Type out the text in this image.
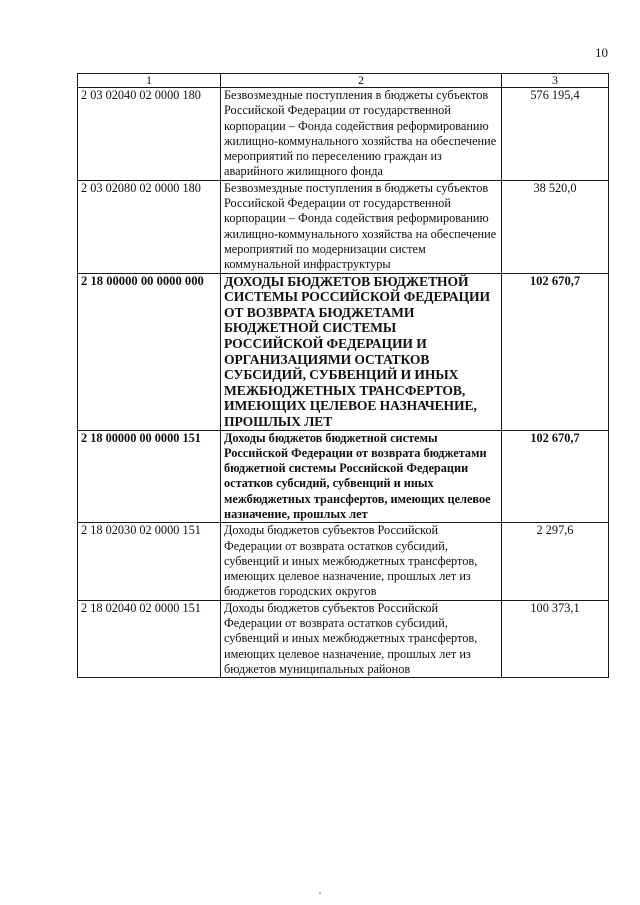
10
1	2	3
2 03 02040 02 0000 180	Безвозмездные поступления в бюджеты субъектов Российской Федерации от государственной корпорации – Фонда содействия реформированию жилищно-коммунального хозяйства на обеспечение мероприятий по переселению граждан из аварийного жилищного фонда	576 195,4
2 03 02080 02 0000 180	Безвозмездные поступления в бюджеты субъектов Российской Федерации от государственной корпорации – Фонда содействия реформированию жилищно-коммунального хозяйства на обеспечение мероприятий по модернизации систем коммунальной инфраструктуры	38 520,0
2 18 00000 00 0000 000	ДОХОДЫ БЮДЖЕТОВ БЮДЖЕТНОЙ СИСТЕМЫ РОССИЙСКОЙ ФЕДЕРАЦИИ ОТ ВОЗВРАТА БЮДЖЕТАМИ БЮДЖЕТНОЙ СИСТЕМЫ РОССИЙСКОЙ ФЕДЕРАЦИИ И ОРГАНИЗАЦИЯМИ ОСТАТКОВ СУБСИДИЙ, СУБВЕНЦИЙ И ИНЫХ МЕЖБЮДЖЕТНЫХ ТРАНСФЕРТОВ, ИМЕЮЩИХ ЦЕЛЕВОЕ НАЗНАЧЕНИЕ, ПРОШЛЫХ ЛЕТ	102 670,7
2 18 00000 00 0000 151	Доходы бюджетов бюджетной системы Российской Федерации от возврата бюджетами бюджетной системы Российской Федерации остатков субсидий, субвенций и иных межбюджетных трансфертов, имеющих целевое назначение, прошлых лет	102 670,7
2 18 02030 02 0000 151	Доходы бюджетов субъектов Российской Федерации от возврата остатков субсидий, субвенций и иных межбюджетных трансфертов, имеющих целевое назначение, прошлых лет из бюджетов городских округов	2 297,6
2 18 02040 02 0000 151	Доходы бюджетов субъектов Российской Федерации от возврата остатков субсидий, субвенций и иных межбюджетных трансфертов, имеющих целевое назначение, прошлых лет из бюджетов муниципальных районов	100 373,1
